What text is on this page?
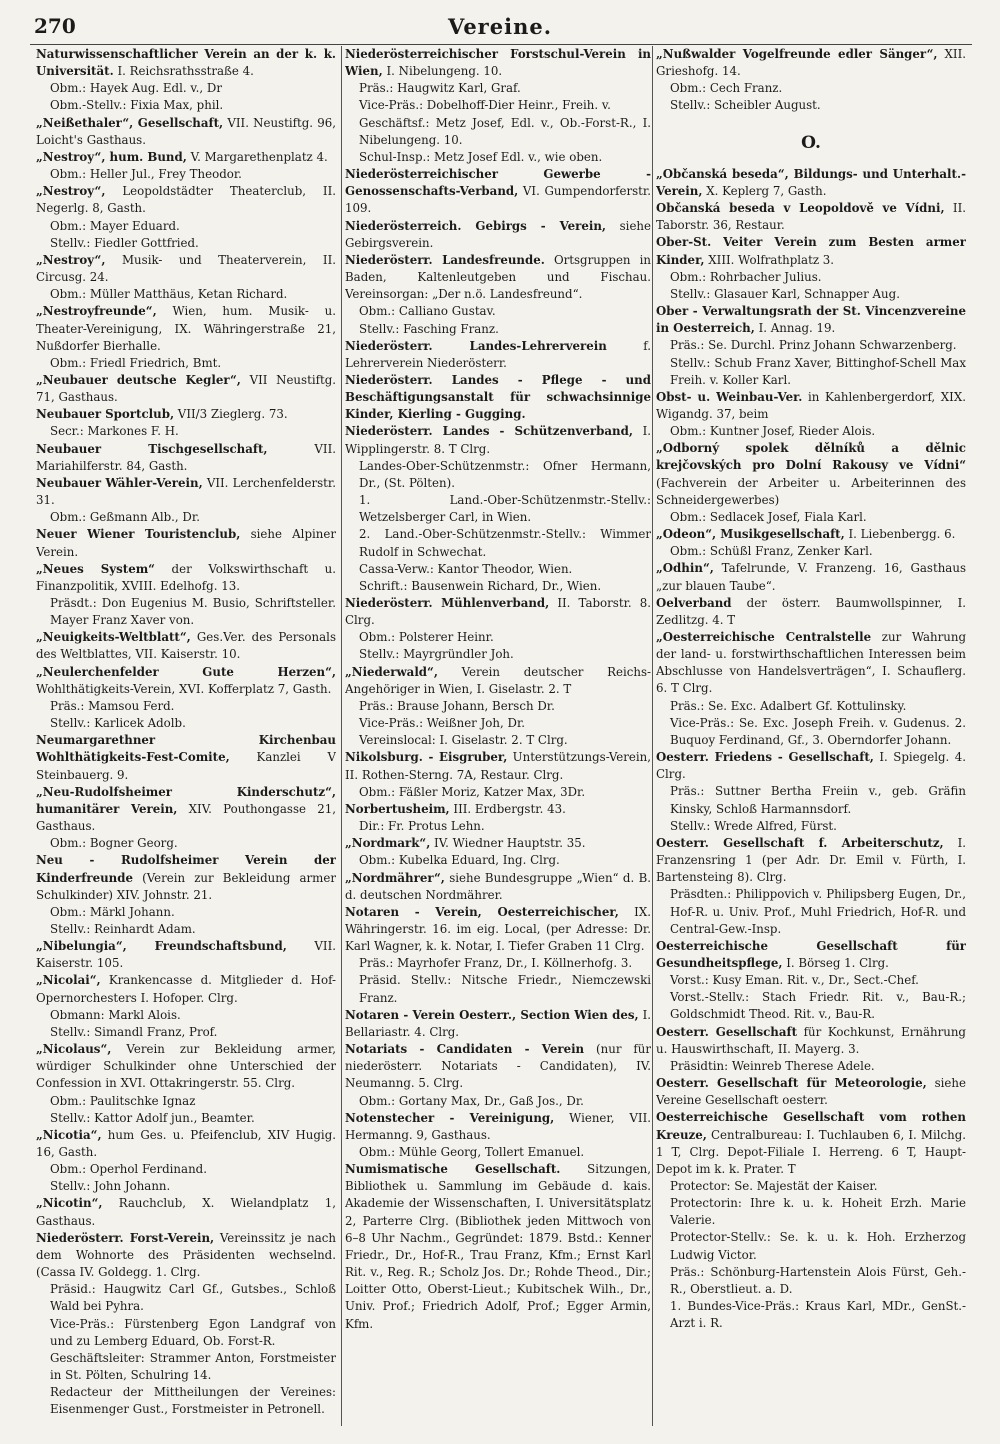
270	Vereine.
Naturwissenschaftlicher Verein an der k. k. Universität. I. Reichsrathsstraße 4.
Obm.: Hayek Aug. Edl. v., Dr
Obm.-Stellv.: Fixia Max, phil.
„Neißethaler“, Gesellschaft, VII. Neustiftg. 96, Loicht's Gasthaus.
„Nestroy“, hum. Bund, V. Margarethenplatz 4.
Obm.: Heller Jul., Frey Theodor.
„Nestroy“, Leopoldstädter Theaterclub, II. Negerlg. 8, Gasth.
Obm.: Mayer Eduard.
Stellv.: Fiedler Gottfried.
„Nestroy“, Musik- und Theaterverein, II. Circusg. 24.
Obm.: Müller Matthäus, Ketan Richard.
„Nestroyfreunde“, Wien, hum. Musik- u. Theater-Vereinigung, IX. Währingerstraße 21, Nußdorfer Bierhalle.
Obm.: Friedl Friedrich, Bmt.
„Neubauer deutsche Kegler“, VII Neustiftg. 71, Gasthaus.
Neubauer Sportclub, VII/3 Zieglerg. 73.
Secr.: Markones F. H.
Neubauer Tischgesellschaft, VII. Mariahilferstr. 84, Gasth.
Neubauer Wähler-Verein, VII. Lerchenfelderstr. 31.
Obm.: Geßmann Alb., Dr.
Neuer Wiener Touristenclub, siehe Alpiner Verein.
„Neues System“ der Volkswirthschaft u. Finanzpolitik, XVIII. Edelhofg. 13.
Präsdt.: Don Eugenius M. Busio, Schriftsteller. Mayer Franz Xaver von.
„Neuigkeits-Weltblatt“, Ges.Ver. des Personals des Weltblattes, VII. Kaiserstr. 10.
„Neulerchenfelder Gute Herzen“, Wohlthätigkeits-Verein, XVI. Kofferplatz 7, Gasth.
Präs.: Mamsou Ferd.
Stellv.: Karlicek Adolb.
Neumargarethner Kirchenbau Wohlthätigkeits-Fest-Comite, Kanzlei V Steinbauerg. 9.
„Neu-Rudolfsheimer Kinderschutz“, humanitärer Verein, XIV. Pouthongasse 21, Gasthaus.
Obm.: Bogner Georg.
Neu - Rudolfsheimer Verein der Kinderfreunde (Verein zur Bekleidung armer Schulkinder) XIV. Johnstr. 21.
Obm.: Märkl Johann.
Stellv.: Reinhardt Adam.
„Nibelungia“, Freundschaftsbund, VII. Kaiserstr. 105.
„Nicolai“, Krankencasse d. Mitglieder d. Hof-Opernorchesters I. Hofoper. Clrg.
Obmann: Markl Alois.
Stellv.: Simandl Franz, Prof.
„Nicolaus“, Verein zur Bekleidung armer, würdiger Schulkinder ohne Unterschied der Confession in XVI. Ottakringerstr. 55. Clrg.
Obm.: Paulitschke Ignaz
Stellv.: Kattor Adolf jun., Beamter.
„Nicotia“, hum Ges. u. Pfeifenclub, XIV Hugig. 16, Gasth.
Obm.: Operhol Ferdinand.
Stellv.: John Johann.
„Nicotin“, Rauchclub, X. Wielandplatz 1, Gasthaus.
Niederösterr. Forst-Verein, Vereinssitz je nach dem Wohnorte des Präsidenten wechselnd. (Cassa IV. Goldegg. 1. Clrg.
Präsid.: Haugwitz Carl Gf., Gutsbes., Schloß Wald bei Pyhra.
Vice-Präs.: Fürstenberg Egon Landgraf von und zu Lemberg Eduard, Ob. Forst-R.
Geschäftsleiter: Strammer Anton, Forstmeister in St. Pölten, Schulring 14.
Redacteur der Mittheilungen der Vereines: Eisenmenger Gust., Forstmeister in Petronell.
Niederösterreichischer Forstschul-Verein in Wien, I. Nibelungeng. 10.
Präs.: Haugwitz Karl, Graf.
Vice-Präs.: Dobelhoff-Dier Heinr., Freih. v.
Geschäftsf.: Metz Josef, Edl. v., Ob.-Forst-R., I. Nibelungeng. 10.
Schul-Insp.: Metz Josef Edl. v., wie oben.
Niederösterreichischer Gewerbe - Genossenschafts-Verband, VI. Gumpendorferstr. 109.
Niederösterreich. Gebirgs - Verein, siehe Gebirgsverein.
Niederösterr. Landesfreunde. Ortsgruppen in Baden, Kaltenleutgeben und Fischau. Vereinsorgan: „Der n.ö. Landesfreund“.
Obm.: Calliano Gustav.
Stellv.: Fasching Franz.
Niederösterr. Landes-Lehrerverein f. Lehrerverein Niederösterr.
Niederösterr. Landes - Pflege - und Beschäftigungsanstalt für schwachsinnige Kinder, Kierling - Gugging.
Niederösterr. Landes - Schützenverband, I. Wipplingerstr. 8. T Clrg.
Landes-Ober-Schützenmstr.: Ofner Hermann, Dr., (St. Pölten).
1. Land.-Ober-Schützenmstr.-Stellv.: Wetzelsberger Carl, in Wien.
2. Land.-Ober-Schützenmstr.-Stellv.: Wimmer Rudolf in Schwechat.
Cassa-Verw.: Kantor Theodor, Wien.
Schrift.: Bausenwein Richard, Dr., Wien.
Niederösterr. Mühlenverband, II. Taborstr. 8. Clrg.
Obm.: Polsterer Heinr.
Stellv.: Mayrgründler Joh.
„Niederwald“, Verein deutscher Reichs-Angehöriger in Wien, I. Giselastr. 2. T
Präs.: Brause Johann, Bersch Dr.
Vice-Präs.: Weißner Joh, Dr.
Vereinslocal: I. Giselastr. 2. T Clrg.
Nikolsburg. - Eisgruber, Unterstützungs-Verein, II. Rothen-Sterng. 7A, Restaur. Clrg.
Obm.: Fäßler Moriz, Katzer Max, 3Dr.
Norbertusheim, III. Erdbergstr. 43.
Dir.: Fr. Protus Lehn.
„Nordmark“, IV. Wiedner Hauptstr. 35.
Obm.: Kubelka Eduard, Ing. Clrg.
„Nordmährer“, siehe Bundesgruppe „Wien“ d. B. d. deutschen Nordmährer.
Notaren - Verein, Oesterreichischer, IX. Währingerstr. 16. im eig. Local, (per Adresse: Dr. Karl Wagner, k. k. Notar, I. Tiefer Graben 11 Clrg.
Präs.: Mayrhofer Franz, Dr., I. Köllnerhofg. 3.
Präsid. Stellv.: Nitsche Friedr., Niemczewski Franz.
Notaren - Verein Oesterr., Section Wien des, I. Bellariastr. 4. Clrg.
Notariats - Candidaten - Verein (nur für niederösterr. Notariats - Candidaten), IV. Neumanng. 5. Clrg.
Obm.: Gortany Max, Dr., Gaß Jos., Dr.
Notenstecher - Vereinigung, Wiener, VII. Hermanng. 9, Gasthaus.
Obm.: Mühle Georg, Tollert Emanuel.
Numismatische Gesellschaft. Sitzungen, Bibliothek u. Sammlung im Gebäude d. kais. Akademie der Wissenschaften, I. Universitätsplatz 2, Parterre Clrg. (Bibliothek jeden Mittwoch von 6–8 Uhr Nachm., Gegründet: 1879. Bstd.: Kenner Friedr., Dr., Hof-R., Trau Franz, Kfm.; Ernst Karl Rit. v., Reg. R.; Scholz Jos. Dr.; Rohde Theod., Dir.; Loitter Otto, Oberst-Lieut.; Kubitschek Wilh., Dr., Univ. Prof.; Friedrich Adolf, Prof.; Egger Armin, Kfm.
„Nußwalder Vogelfreunde edler Sänger“, XII. Grieshofg. 14.
Obm.: Cech Franz.
Stellv.: Scheibler August.
O.
„Občanská beseda“, Bildungs- und Unterhalt.-Verein, X. Keplerg 7, Gasth.
Občanská beseda v Leopoldově ve Vídni, II. Taborstr. 36, Restaur.
Ober-St. Veiter Verein zum Besten armer Kinder, XIII. Wolfrathplatz 3.
Obm.: Rohrbacher Julius.
Stellv.: Glasauer Karl, Schnapper Aug.
Ober - Verwaltungsrath der St. Vincenzvereine in Oesterreich, I. Annag. 19.
Präs.: Se. Durchl. Prinz Johann Schwarzenberg.
Stellv.: Schub Franz Xaver, Bittinghof-Schell Max Freih. v. Koller Karl.
Obst- u. Weinbau-Ver. in Kahlenbergerdorf, XIX. Wigandg. 37, beim
Obm.: Kuntner Josef, Rieder Alois.
„Odborný spolek dělníků a dělnic krejčovských pro Dolní Rakousy ve Vídni“ (Fachverein der Arbeiter u. Arbeiterinnen des Schneidergewerbes)
Obm.: Sedlacek Josef, Fiala Karl.
„Odeon“, Musikgesellschaft, I. Liebenbergg. 6.
Obm.: Schüßl Franz, Zenker Karl.
„Odhin“, Tafelrunde, V. Franzeng. 16, Gasthaus „zur blauen Taube“.
Oelverband der österr. Baumwollspinner, I. Zedlitzg. 4. T
„Oesterreichische Centralstelle zur Wahrung der land- u. forstwirthschaftlichen Interessen beim Abschlusse von Handelsverträgen“, I. Schauflerg. 6. T Clrg.
Präs.: Se. Exc. Adalbert Gf. Kottulinsky.
Vice-Präs.: Se. Exc. Joseph Freih. v. Gudenus. 2. Buquoy Ferdinand, Gf., 3. Oberndorfer Johann.
Oesterr. Friedens - Gesellschaft, I. Spiegelg. 4. Clrg.
Präs.: Suttner Bertha Freiin v., geb. Gräfin Kinsky, Schloß Harmannsdorf.
Stellv.: Wrede Alfred, Fürst.
Oesterr. Gesellschaft f. Arbeiterschutz, I. Franzensring 1 (per Adr. Dr. Emil v. Fürth, I. Bartensteing 8). Clrg.
Präsdten.: Philippovich v. Philipsberg Eugen, Dr., Hof-R. u. Univ. Prof., Muhl Friedrich, Hof-R. und Central-Gew.-Insp.
Oesterreichische Gesellschaft für Gesundheitspflege, I. Börseg 1. Clrg.
Vorst.: Kusy Eman. Rit. v., Dr., Sect.-Chef.
Vorst.-Stellv.: Stach Friedr. Rit. v., Bau-R.; Goldschmidt Theod. Rit. v., Bau-R.
Oesterr. Gesellschaft für Kochkunst, Ernährung u. Hauswirthschaft, II. Mayerg. 3.
Präsidtin: Weinreb Therese Adele.
Oesterr. Gesellschaft für Meteorologie, siehe Vereine Gesellschaft oesterr.
Oesterreichische Gesellschaft vom rothen Kreuze, Centralbureau: I. Tuchlauben 6, I. Milchg. 1 T, Clrg. Depot-Filiale I. Herreng. 6 T, Haupt-Depot im k. k. Prater. T
Protector: Se. Majestät der Kaiser.
Protectorin: Ihre k. u. k. Hoheit Erzh. Marie Valerie.
Protector-Stellv.: Se. k. u. k. Hoh. Erzherzog Ludwig Victor.
Präs.: Schönburg-Hartenstein Alois Fürst, Geh.-R., Oberstlieut. a. D.
1. Bundes-Vice-Präs.: Kraus Karl, MDr., GenSt.-Arzt i. R.
